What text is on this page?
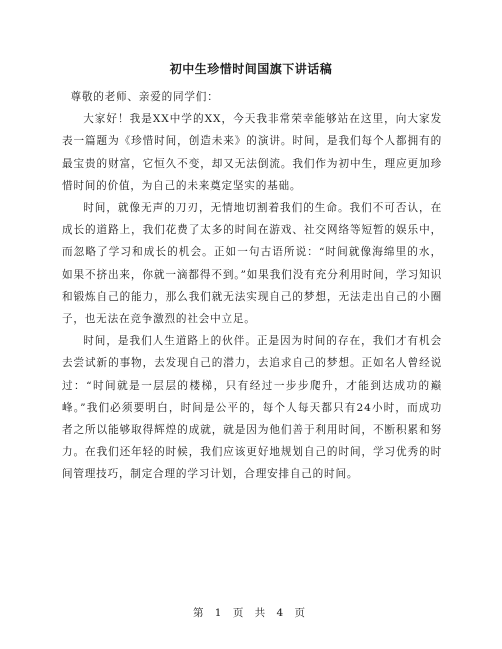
初中生珍惜时间国旗下讲话稿

尊敬的老师、亲爱的同学们：

大家好！我是XX中学的XX，今天我非常荣幸能够站在这里，向大家发表一篇题为《珍惜时间，创造未来》的演讲。时间，是我们每个人都拥有的最宝贵的财富，它恒久不变，却又无法倒流。我们作为初中生，理应更加珍惜时间的价值，为自己的未来奠定坚实的基础。

时间，就像无声的刀刃，无情地切割着我们的生命。我们不可否认，在成长的道路上，我们花费了太多的时间在游戏、社交网络等短暂的娱乐中，而忽略了学习和成长的机会。正如一句古语所说：“时间就像海绵里的水，如果不挤出来，你就一滴都得不到。”如果我们没有充分利用时间，学习知识和锻炼自己的能力，那么我们就无法实现自己的梦想，无法走出自己的小圈子，也无法在竞争激烈的社会中立足。

时间，是我们人生道路上的伙伴。正是因为时间的存在，我们才有机会去尝试新的事物，去发现自己的潜力，去追求自己的梦想。正如名人曾经说过：“时间就是一层层的楼梯，只有经过一步步爬升，才能到达成功的巅峰。”我们必须要明白，时间是公平的，每个人每天都只有24小时，而成功者之所以能够取得辉煌的成就，就是因为他们善于利用时间，不断积累和努力。在我们还年轻的时候，我们应该更好地规划自己的时间，学习优秀的时间管理技巧，制定合理的学习计划，合理安排自己的时间。

第 1 页 共 4 页
